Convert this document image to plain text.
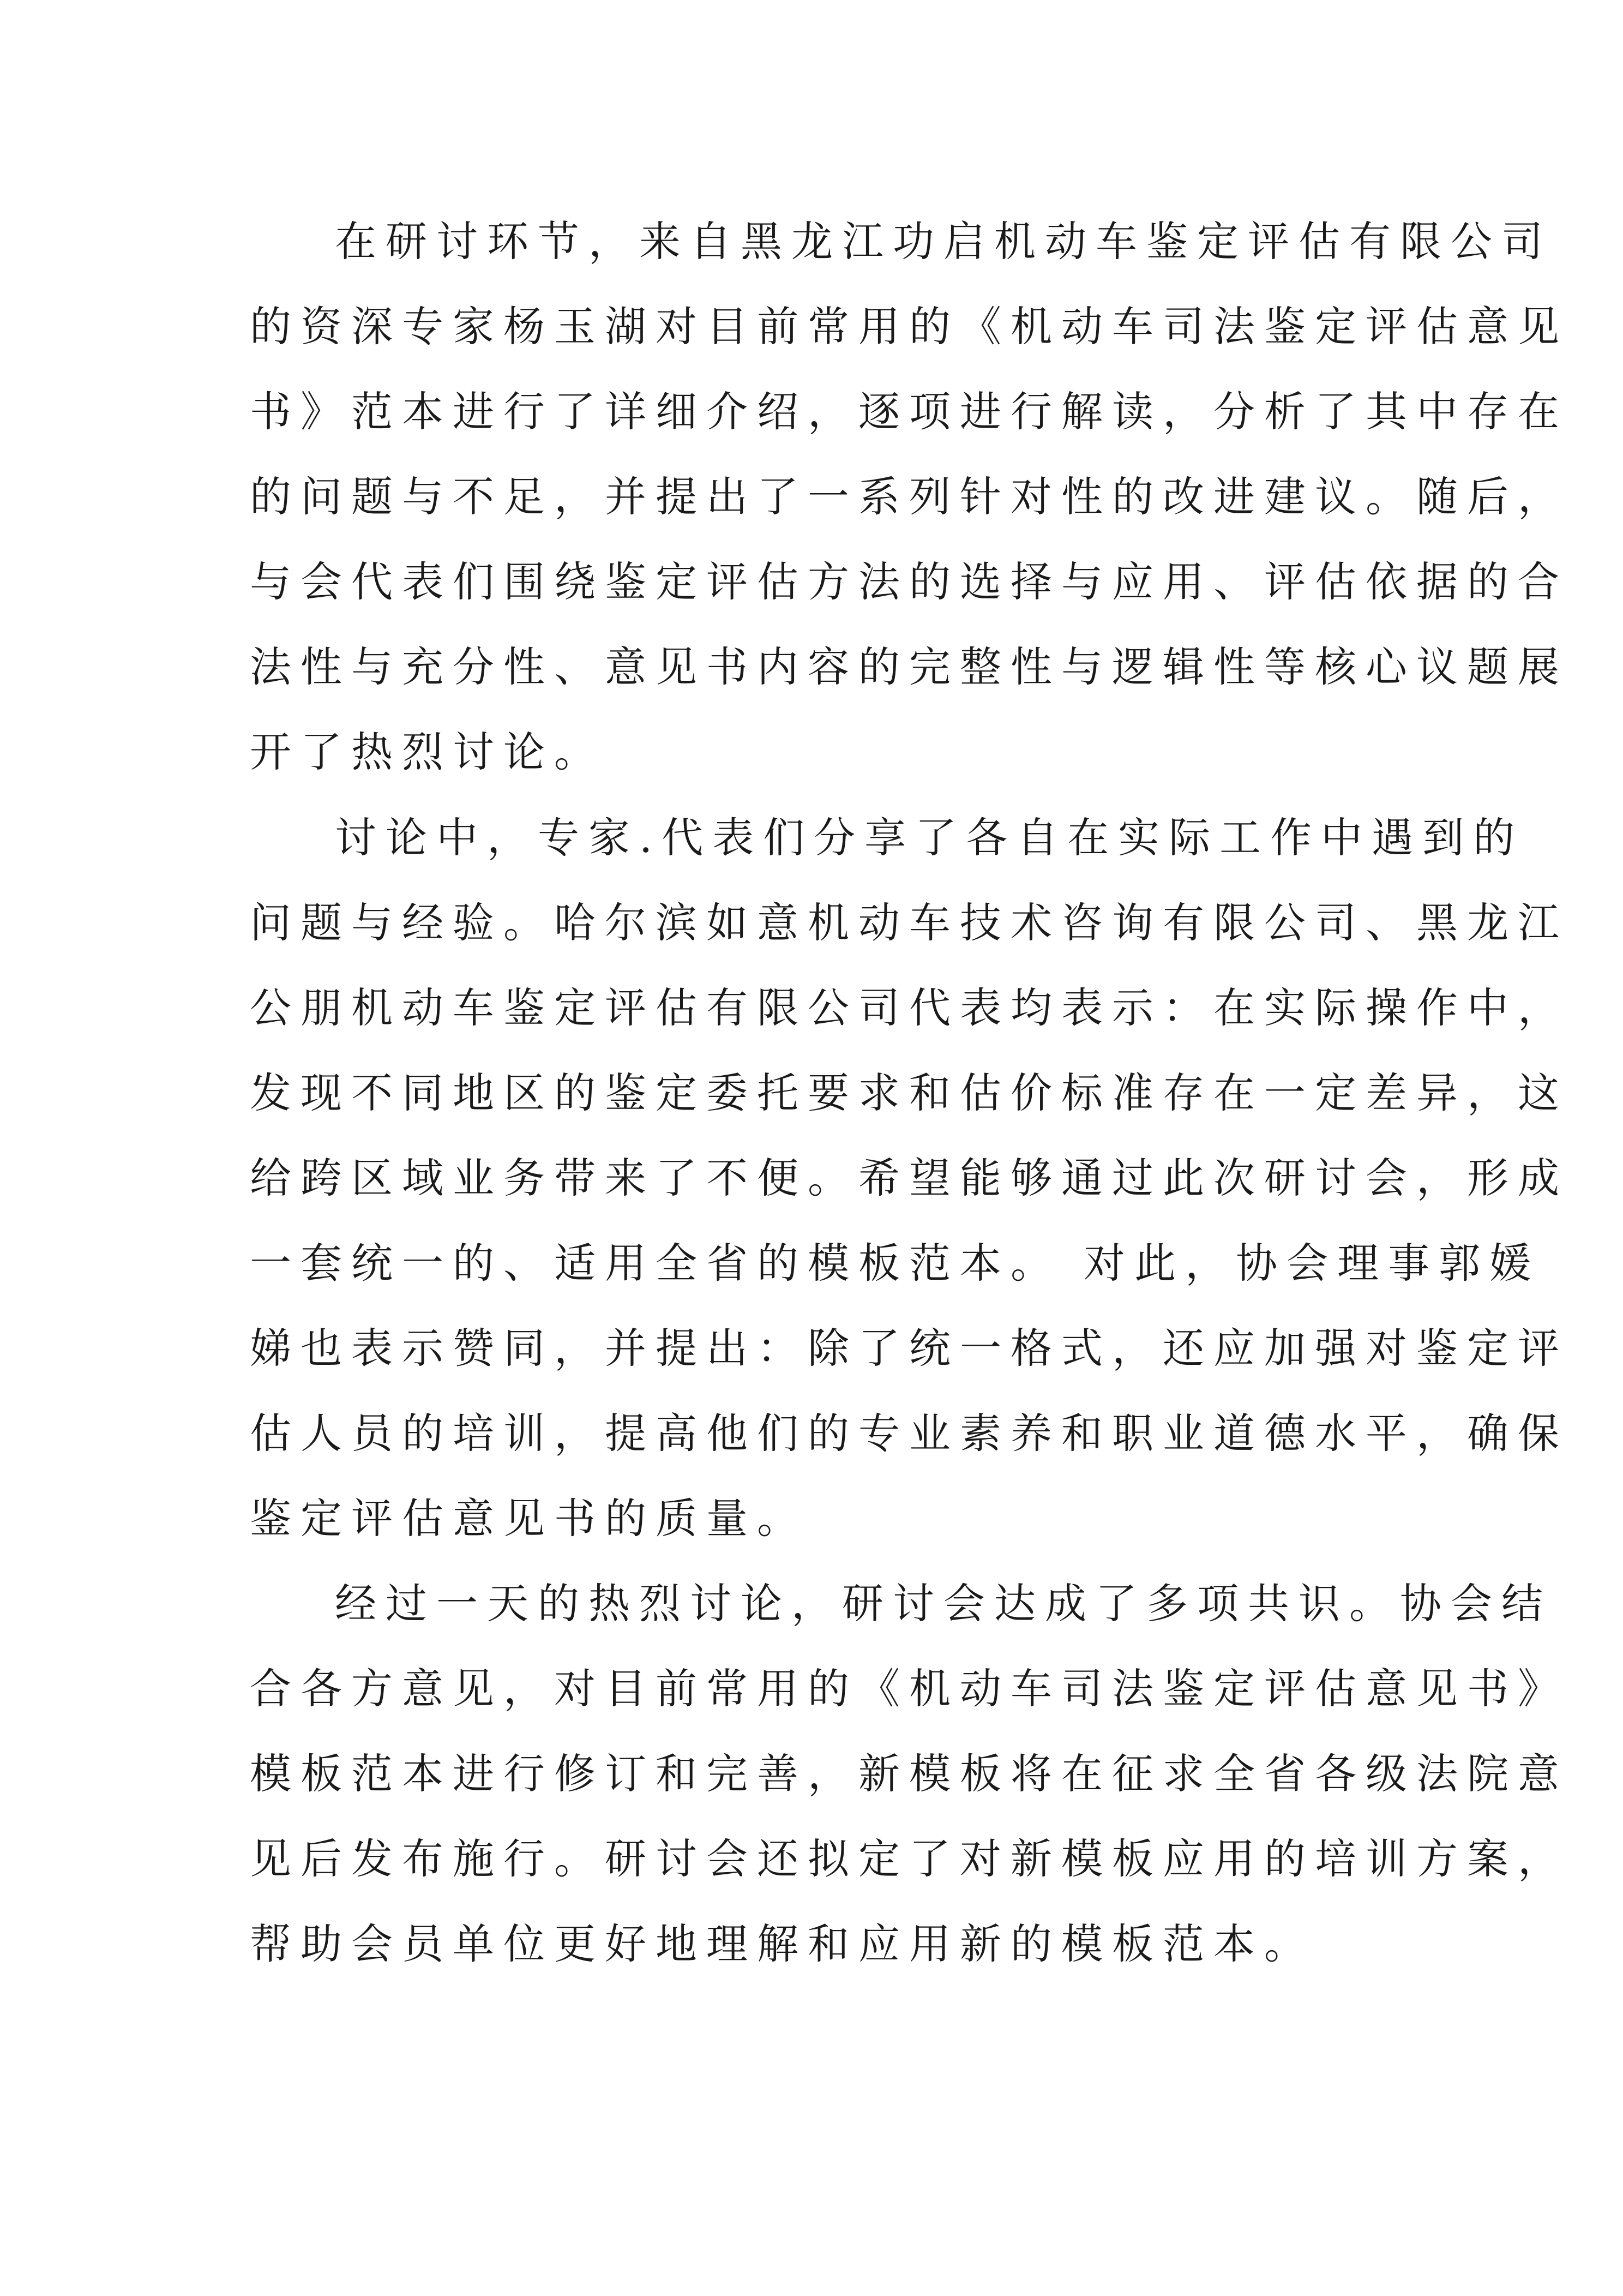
在研讨环节，来自黑龙江功启机动车鉴定评估有限公司
的资深专家杨玉湖对目前常用的《机动车司法鉴定评估意见
书》范本进行了详细介绍，逐项进行解读，分析了其中存在
的问题与不足，并提出了一系列针对性的改进建议。随后，
与会代表们围绕鉴定评估方法的选择与应用、评估依据的合
法性与充分性、意见书内容的完整性与逻辑性等核心议题展
开了热烈讨论。
讨论中，专家.代表们分享了各自在实际工作中遇到的
问题与经验。哈尔滨如意机动车技术咨询有限公司、黑龙江
公朋机动车鉴定评估有限公司代表均表示：在实际操作中，
发现不同地区的鉴定委托要求和估价标准存在一定差异，这
给跨区域业务带来了不便。希望能够通过此次研讨会，形成
一套统一的、适用全省的模板范本。 对此，协会理事郭媛
娣也表示赞同，并提出：除了统一格式，还应加强对鉴定评
估人员的培训，提高他们的专业素养和职业道德水平，确保
鉴定评估意见书的质量。
经过一天的热烈讨论，研讨会达成了多项共识。协会结
合各方意见，对目前常用的《机动车司法鉴定评估意见书》
模板范本进行修订和完善，新模板将在征求全省各级法院意
见后发布施行。研讨会还拟定了对新模板应用的培训方案，
帮助会员单位更好地理解和应用新的模板范本。
